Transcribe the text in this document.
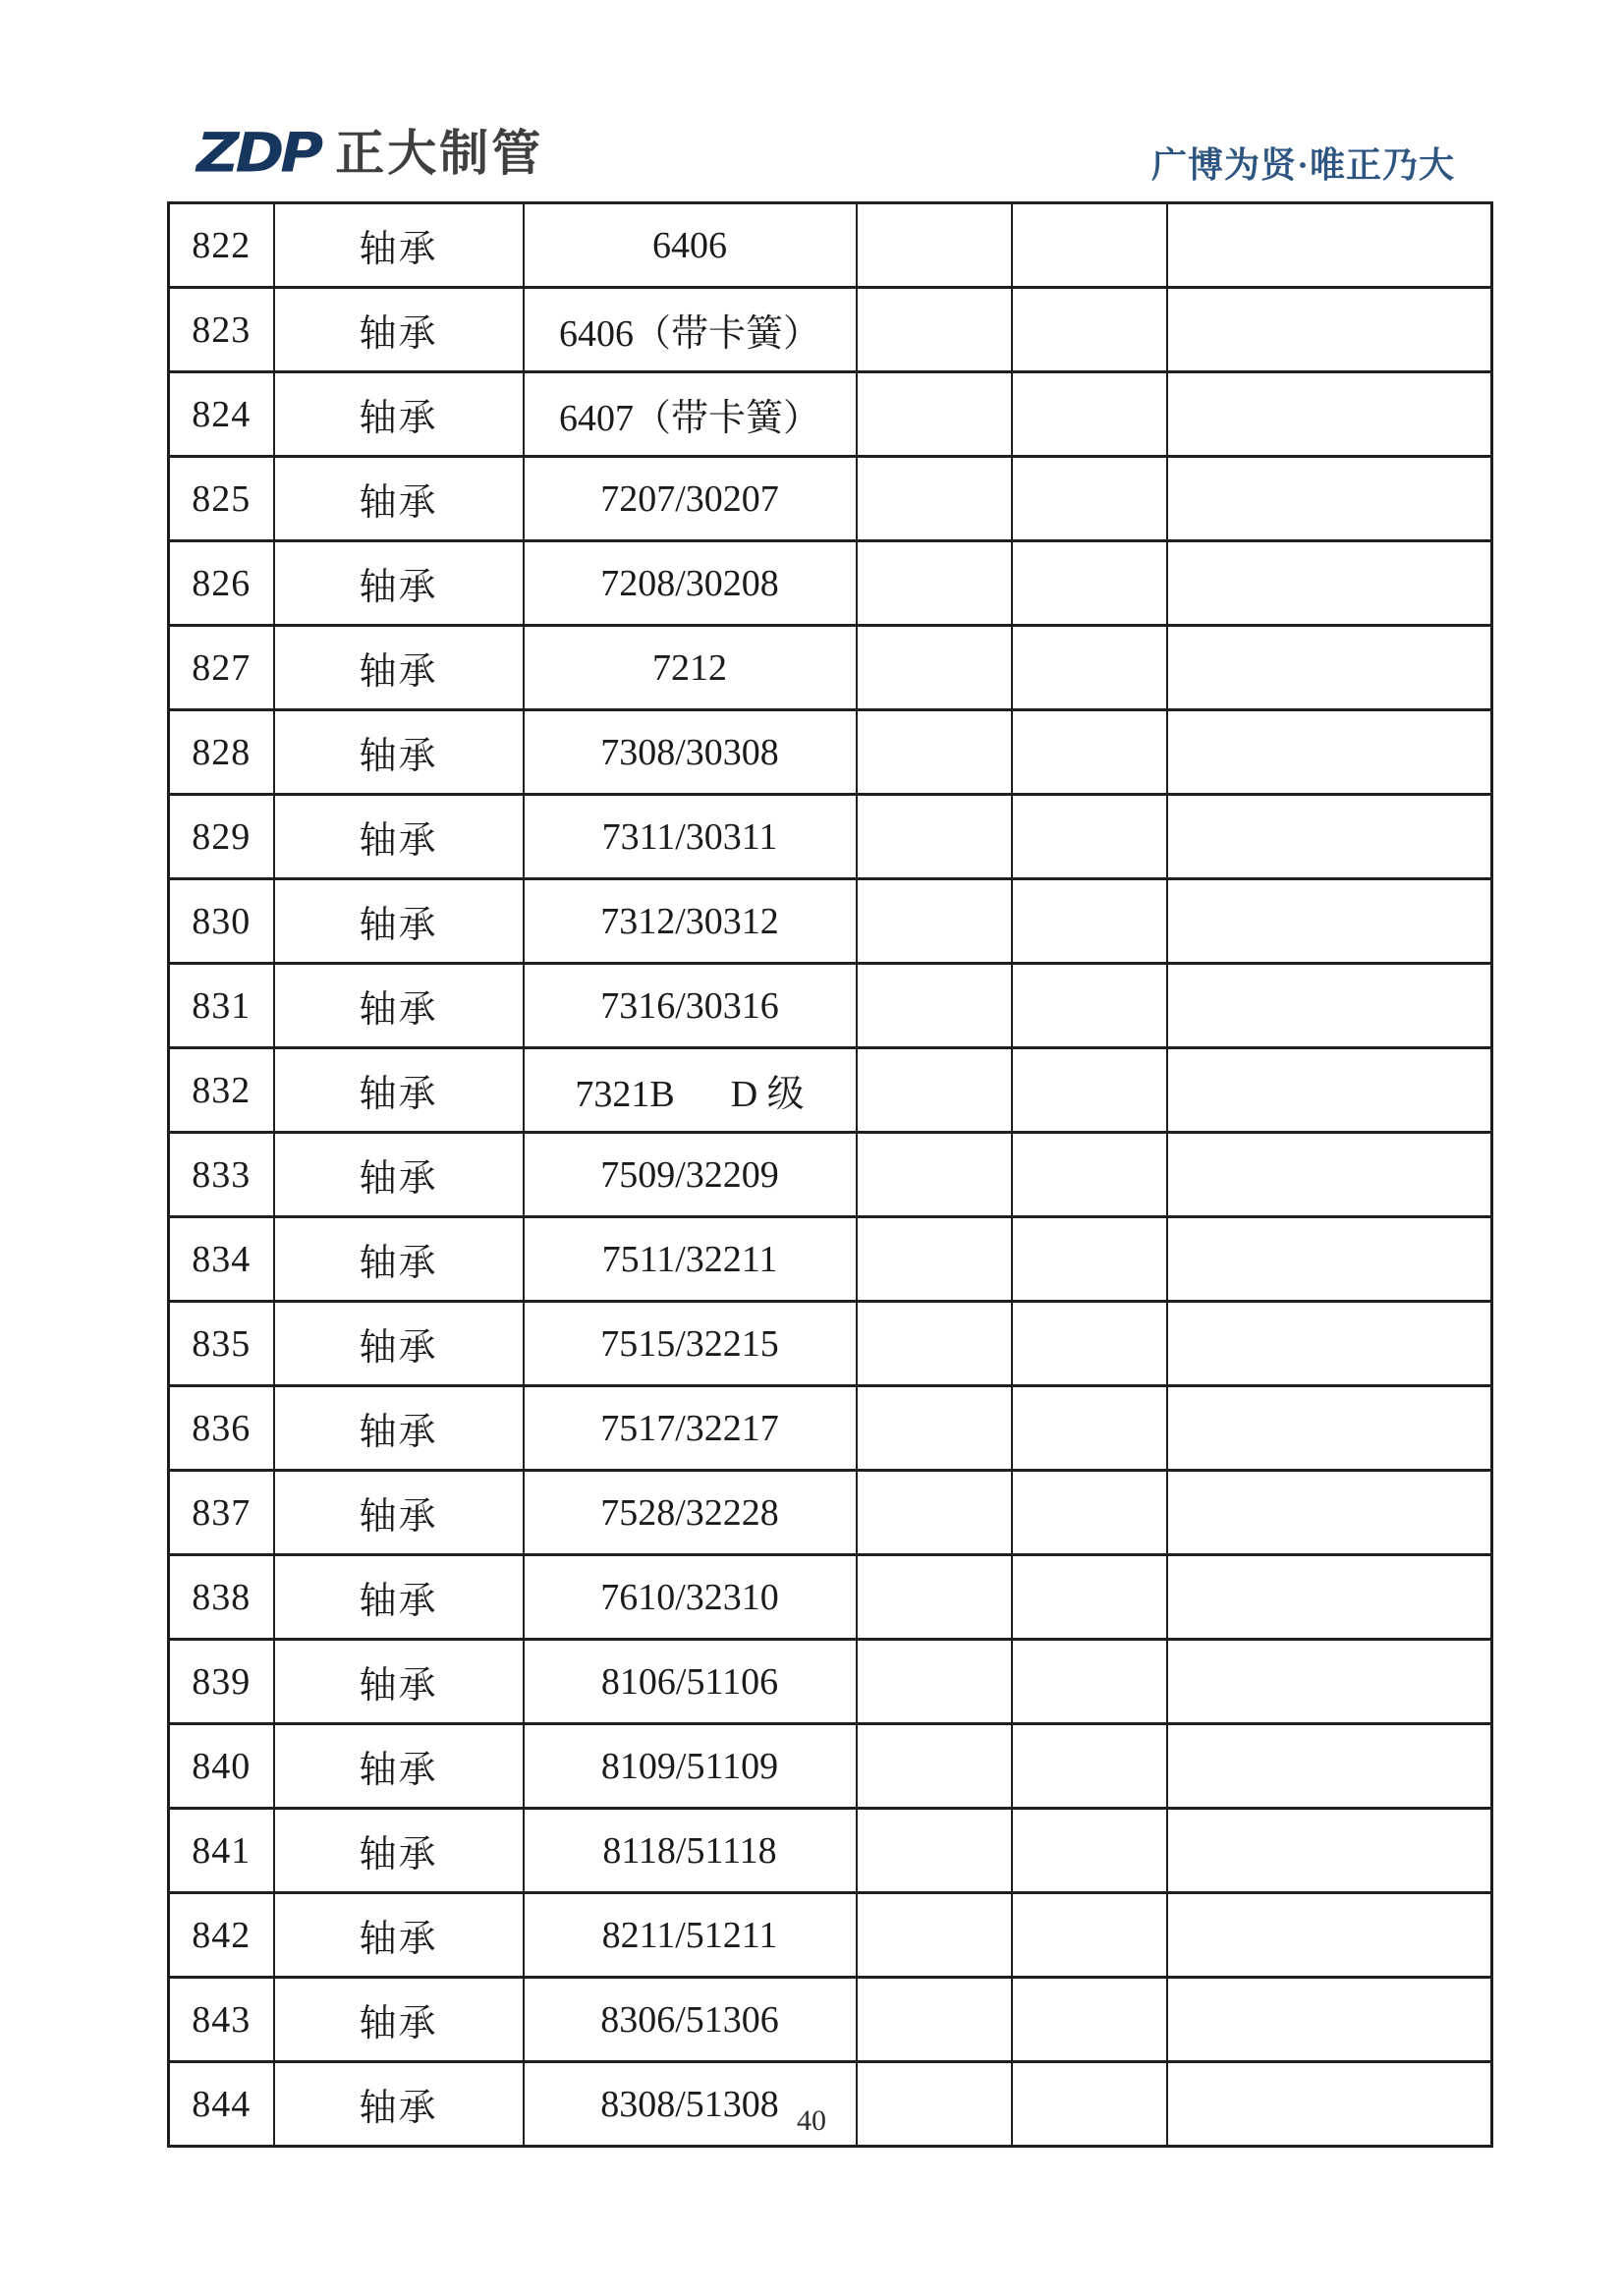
ZDP 正大制管	广博为贤·唯正乃大
822	轴承	6406			
823	轴承	6406（带卡簧）			
824	轴承	6407（带卡簧）			
825	轴承	7207/30207			
826	轴承	7208/30208			
827	轴承	7212			
828	轴承	7308/30308			
829	轴承	7311/30311			
830	轴承	7312/30312			
831	轴承	7316/30316			
832	轴承	7321B      D 级			
833	轴承	7509/32209			
834	轴承	7511/32211			
835	轴承	7515/32215			
836	轴承	7517/32217			
837	轴承	7528/32228			
838	轴承	7610/32310			
839	轴承	8106/51106			
840	轴承	8109/51109			
841	轴承	8118/51118			
842	轴承	8211/51211			
843	轴承	8306/51306			
844	轴承	8308/51308			40
